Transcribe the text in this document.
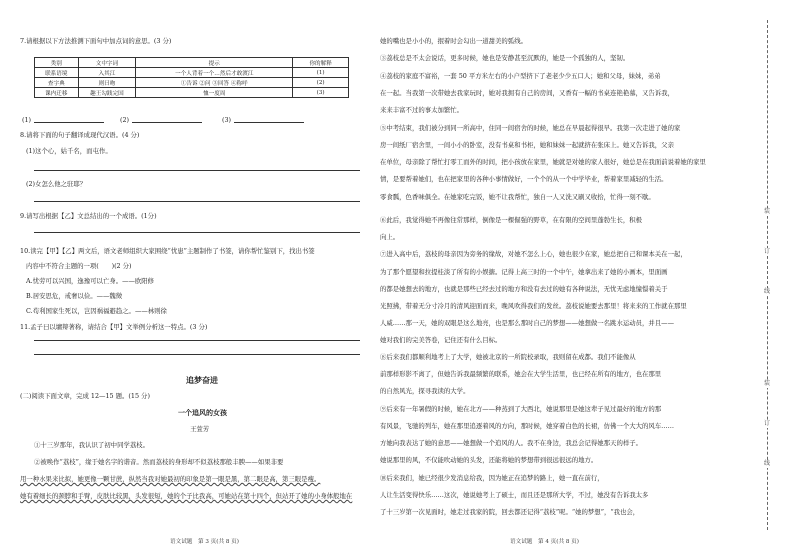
7.请根据以下方法推测下面句中加点词的意思。(3 分)
类别	文中字词	提示	你的解释
联系语境	入其江	一个人背着一个…然后才敢渡江	(1)
查字典	则曰吻	①告诉 ②问 ③回答 ④称呼	(2)
课内迁移	趣王勾践完国	恤一度周	(3)
(1)	(2)	(3)
8.请将下面的句子翻译成现代汉语。(4 分)
(1)这个心，姑千名，而屯作。
(2)女怎么他之驻耶？
9.请写出根据【乙】文总结出的一个成语。(1分)
10.读完【甲】【乙】两文后，语文老师组织大家围绕“忧患”主题制作了书签，请你帮忙鉴别下，找出书签
内容中不符合主题的一项(　　)(2 分)
A.忧劳可以兴国，逸豫可以亡身。——欧阳修
B.居安思危，戒奢以俭。——魏徵
C.苟利国家生死以，岂因祸福避趋之。——林则徐
11.孟子曰以墉辩著称，请结合【甲】文举例分析这一特点。(3 分)
追梦奋进
(二)阅读下面文章，完成 12—15 题。(15 分)
一个追风的女孩
王萱芳
①十三岁那年，我认识了初中同学荔枝。
②被唤作“荔枝”，缘于她名字的谐音。然而荔枝的身形却不似荔枝那般丰腴——如果非要
用一种水果来比拟，她更像一颗甘蔗，纵然当我对她最初的印象是第一眼是黑，第二眼是高，第三眼是瘦。
她有着细长的颈脖和手臂，皮肤比较黑，头发很短，她的个子比我高，可她站在第十四个，但站开了她的小身体般地在
语文试题　第 3 页(共 8 页)
她的嘴也是小小的，抿着时会勾出一道甜美的弧线。
③荔枝总是不太会说话，更多时候，她也是安静甚至沉默的，她是一个孤独的人，坚韧。
④荔枝的家庭不富裕，一套 50 平方米左右的小户型挤下了老老少少五口人；她和父母，妹妹，弟弟
在一起。当我第一次带她去我家玩时，她对我拥有自己的房间，又香有一幅的书桌连艳艳慕，又告诉我，
来来丰富不过的事太加繁忙。
⑤中考结束，我们被分到同一所高中，住同一间宿舍的时候，她总在早晨起得很早。我第一次走进了她的家
房一间纸厂宿舍里，一间小小的卧室，没有书桌和书柜，她和妹妹一起就挤在张床上。她又告诉我，父亲
在单位，母亲除了帮忙打零工而外的时间，把小孩放在家里，她就是对她的家人很好，她总是在我面前说着她的家里
情，是要帮着她们，也在把家里的各种小事情做好，一个个的从一个中学毕业，帮着家里减轻的生活。
零食瓢，色香味俱全。在她家吃完饭，她不让我帮忙，独自一人又洗又刷又收拾，忙得一刻不歇。
⑥此后，我觉得她不再像往常那样，倒像是一棵倔强的野草，在有限的空间里蓬勃生长，积极
向上。
⑦进入高中后，荔枝的母亲因为旁务的缘故，对她不怎么上心，她也很少在家，她总把自己和课本关在一起，
为了那个愿望和拉提桂淡了所有的小娱搪。记得上高三时的一个中午，她拿出来了她的小画本，里面画
的都是她想去的地方，也就是那些已经去过的地方和没有去过的她有各种说法，无忧无虑地憧憬着关于
光照拂，带着无分寸冷月的清风迎面而来，晚风吹得我们的发丝。荔枝说她要去那里！将来来的工作就在那里
人威……那一天，她的双眼是这么地亮，也是那么那时自己的梦想——她想做一名跳水运动员，并且——
她对我们的完美答卷，记住还有什么目标。
⑧后来我们都顺利地考上了大学，她被北京的一所院校录取，我则留在成都。我们不能像从
前那样形影不离了，但她告诉我最频繁的联系，她会在大学生活里，也已经在所有的地方，也在那里
的自然风光，探寻我读的大学。
⑨后来有一年暑假的时候，她在北方——种蒸到了大西北，她说那里是她这辈子见过最好的地方的那
有风景，飞驰的列车，她在那里追逐着风的方向，那时候，她穿着白色的长裙，仿佛一个大大的风车……
方她向我表达了她的意思——她想做一个追风的人。我不在身边，我总会记得她那天的样子。
她说那里的风，不仅能吹动她的头发，还能将她的梦想带到很远很远的地方。
⑩后来我们，她已经很少发消息给我，因为她正在追梦的路上，她一直在前行，
人让生活变得快乐……这次，她说她考上了硕士，而且还是那所大学，不过，她没有告诉我太多
了十三岁第一次见面时，她走过我家的院，回去都还记得“荔枝”呢。“她的梦想”，“我也会，
语文试题　第 4 页(共 8 页)
装
订
线
装
订
线
